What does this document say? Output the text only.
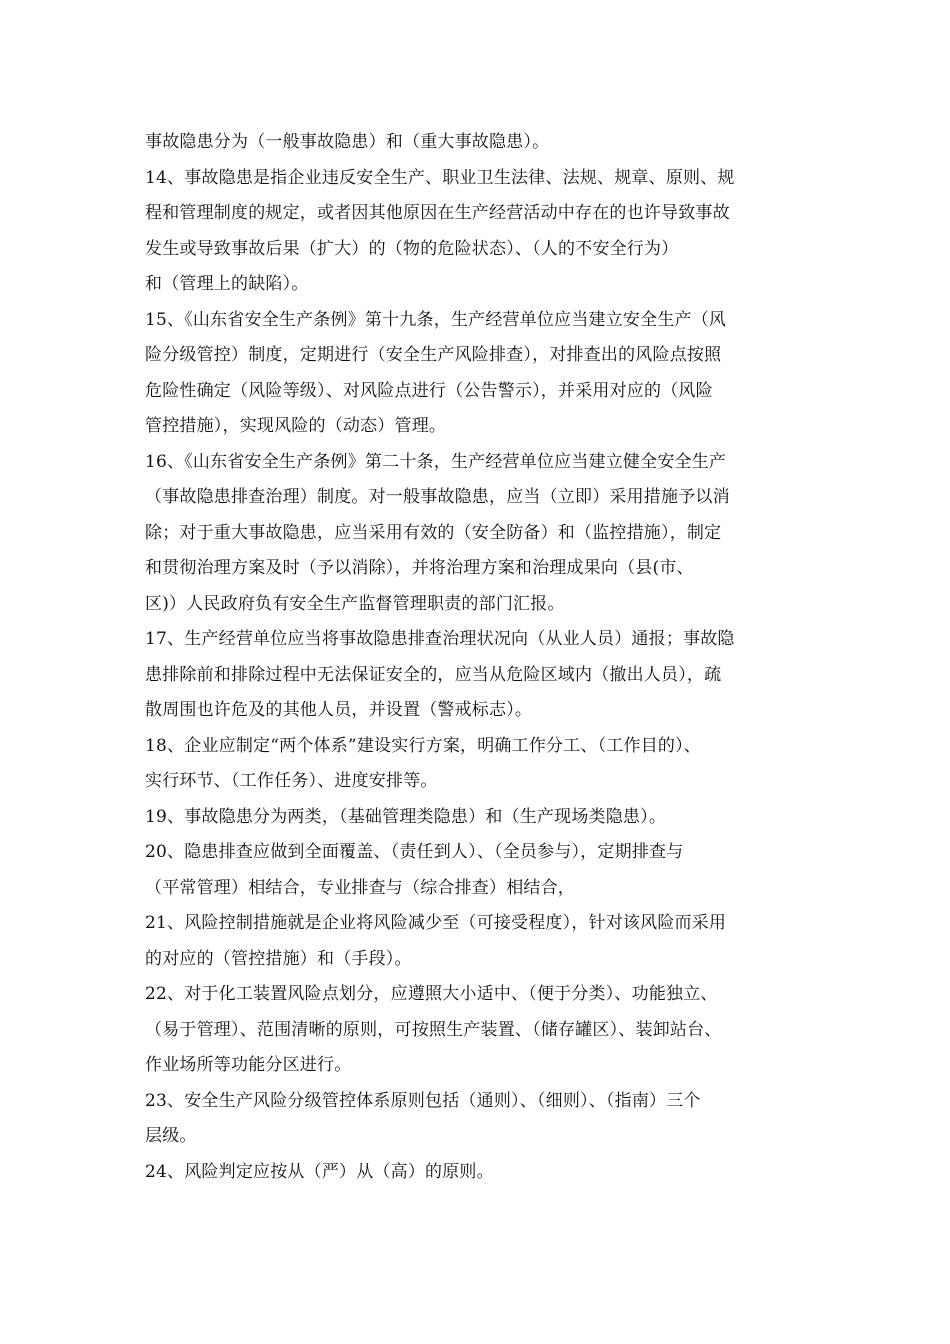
事故隐患分为（一般事故隐患）和（重大事故隐患）。
14、事故隐患是指企业违反安全生产、职业卫生法律、法规、规章、原则、规
程和管理制度的规定，或者因其他原因在生产经营活动中存在的也许导致事故
发生或导致事故后果（扩大）的（物的危险状态）、（人的不安全行为）
和（管理上的缺陷）。
15、《山东省安全生产条例》第十九条，生产经营单位应当建立安全生产（风
险分级管控）制度，定期进行（安全生产风险排查），对排查出的风险点按照
危险性确定（风险等级）、对风险点进行（公告警示），并采用对应的（风险
管控措施），实现风险的（动态）管理。
16、《山东省安全生产条例》第二十条，生产经营单位应当建立健全安全生产
（事故隐患排查治理）制度。对一般事故隐患，应当（立即）采用措施予以消
除；对于重大事故隐患，应当采用有效的（安全防备）和（监控措施），制定
和贯彻治理方案及时（予以消除），并将治理方案和治理成果向（县(市、
区)）人民政府负有安全生产监督管理职责的部门汇报。
17、生产经营单位应当将事故隐患排查治理状况向（从业人员）通报；事故隐
患排除前和排除过程中无法保证安全的，应当从危险区域内（撤出人员），疏
散周围也许危及的其他人员，并设置（警戒标志）。
18、企业应制定“两个体系”建设实行方案，明确工作分工、（工作目的）、
实行环节、（工作任务）、进度安排等。
19、事故隐患分为两类，（基础管理类隐患）和（生产现场类隐患）。
20、隐患排查应做到全面覆盖、（责任到人）、（全员参与），定期排查与
（平常管理）相结合，专业排查与（综合排查）相结合，
21、风险控制措施就是企业将风险减少至（可接受程度），针对该风险而采用
的对应的（管控措施）和（手段）。
22、对于化工装置风险点划分，应遵照大小适中、（便于分类）、功能独立、
（易于管理）、范围清晰的原则，可按照生产装置、（储存罐区）、装卸站台、
作业场所等功能分区进行。
23、安全生产风险分级管控体系原则包括（通则）、（细则）、（指南）三个
层级。
24、风险判定应按从（严）从（高）的原则。
